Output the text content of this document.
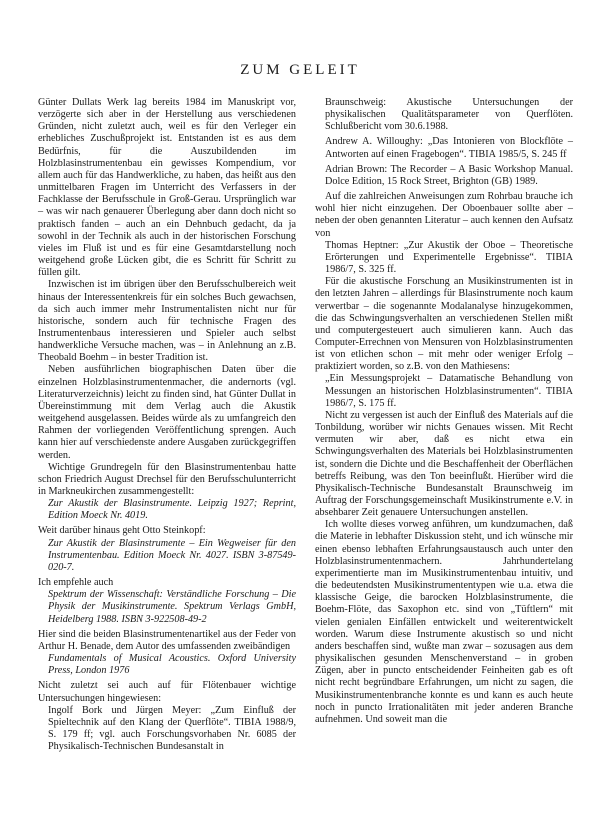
ZUM GELEIT

Günter Dullats Werk lag bereits 1984 im Manuskript vor, verzögerte sich aber in der Herstellung aus verschiedenen Gründen, nicht zuletzt auch, weil es für den Verleger ein erhebliches Zuschußprojekt ist. Entstanden ist es aus dem Bedürfnis, für die Auszubildenden im Holzblasinstrumentenbau ein gewisses Kompendium, vor allem auch für das Handwerkliche, zu haben, das heißt aus den unmittelbaren Fragen im Unterricht des Verfassers in der Fachklasse der Berufsschule in Groß-Gerau. Ursprünglich war – was wir nach genauerer Überlegung aber dann doch nicht so praktisch fanden – auch an ein Dehnbuch gedacht, da ja sowohl in der Technik als auch in der historischen Forschung vieles im Fluß ist und es für eine Gesamtdarstellung noch weitgehend große Lücken gibt, die es Schritt für Schritt zu füllen gilt.

Inzwischen ist im übrigen über den Berufsschulbereich weit hinaus der Interessentenkreis für ein solches Buch gewachsen, da sich auch immer mehr Instrumentalisten nicht nur für historische, sondern auch für technische Fragen des Instrumentenbaus interessieren und Spieler auch selbst handwerkliche Versuche machen, was – in Anlehnung an z.B. Theobald Boehm – in bester Tradition ist.

Neben ausführlichen biographischen Daten über die einzelnen Holzblasinstrumentenmacher, die andernorts (vgl. Literaturverzeichnis) leicht zu finden sind, hat Günter Dullat in Übereinstimmung mit dem Verlag auch die Akustik weitgehend ausgelassen. Beides würde als zu umfangreich den Rahmen der vorliegenden Veröffentlichung sprengen. Auch kann hier auf verschiedenste andere Ausgaben zurückgegriffen werden.

Wichtige Grundregeln für den Blasinstrumentenbau hatte schon Friedrich August Drechsel für den Berufsschulunterricht in Markneukirchen zusammengestellt:

Zur Akustik der Blasinstrumente. Leipzig 1927; Reprint, Edition Moeck Nr. 4019.

Weit darüber hinaus geht Otto Steinkopf:

Zur Akustik der Blasinstrumente – Ein Wegweiser für den Instrumentenbau. Edition Moeck Nr. 4027. ISBN 3-87549-020-7.

Ich empfehle auch

Spektrum der Wissenschaft: Verständliche Forschung – Die Physik der Musikinstrumente. Spektrum Verlags GmbH, Heidelberg 1988. ISBN 3-922508-49-2

Hier sind die beiden Blasinstrumentenartikel aus der Feder von Arthur H. Benade, dem Autor des umfassenden zweibändigen

Fundamentals of Musical Acoustics. Oxford University Press, London 1976

Nicht zuletzt sei auch auf für Flötenbauer wichtige Untersuchungen hingewiesen:

Ingolf Bork und Jürgen Meyer: „Zum Einfluß der Spieltechnik auf den Klang der Querflöte“. TIBIA 1988/9, S. 179 ff; vgl. auch Forschungsvorhaben Nr. 6085 der Physikalisch-Technischen Bundesanstalt in

Braunschweig: Akustische Untersuchungen der physikalischen Qualitätsparameter von Querflöten. Schlußbericht vom 30.6.1988.

Andrew A. Willoughy: „Das Intonieren von Blockflöte – Antworten auf einen Fragebogen“. TIBIA 1985/5, S. 245 ff

Adrian Brown: The Recorder – A Basic Workshop Manual. Dolce Edition, 15 Rock Street, Brighton (GB) 1989.

Auf die zahlreichen Anweisungen zum Rohrbau brauche ich wohl hier nicht einzugehen. Der Oboenbauer sollte aber – neben der oben genannten Literatur – auch kennen den Aufsatz von

Thomas Heptner: „Zur Akustik der Oboe – Theoretische Erörterungen und Experimentelle Ergebnisse“. TIBIA 1986/7, S. 325 ff.

Für die akustische Forschung an Musikinstrumenten ist in den letzten Jahren – allerdings für Blasinstrumente noch kaum verwertbar – die sogenannte Modalanalyse hinzugekommen, die das Schwingungsverhalten an verschiedenen Stellen mißt und computergesteuert auch simulieren kann. Auch das Computer-Errechnen von Mensuren von Holzblasinstrumenten ist von etlichen schon – mit mehr oder weniger Erfolg – praktiziert worden, so z.B. von den Mathiesens:

„Ein Messungsprojekt – Datamatische Behandlung von Messungen an historischen Holzblasinstrumenten“. TIBIA 1986/7, S. 175 ff.

Nicht zu vergessen ist auch der Einfluß des Materials auf die Tonbildung, worüber wir nichts Genaues wissen. Mit Recht vermuten wir aber, daß es nicht etwa ein Schwingungsverhalten des Materials bei Holzblasinstrumenten ist, sondern die Dichte und die Beschaffenheit der Oberflächen betreffs Reibung, was den Ton beeinflußt. Hierüber wird die Physikalisch-Technische Bundesanstalt Braunschweig im Auftrag der Forschungsgemeinschaft Musikinstrumente e.V. in absehbarer Zeit genauere Untersuchungen anstellen.

Ich wollte dieses vorweg anführen, um kundzumachen, daß die Materie in lebhafter Diskussion steht, und ich wünsche mir einen ebenso lebhaften Erfahrungsaustausch auch unter den Holzblasinstrumentenmachern. Jahrhundertelang experimentierte man im Musikinstrumentenbau intuitiv, und die bedeutendsten Musikinstrumententypen wie u.a. etwa die klassische Geige, die barocken Holzblasinstrumente, die Boehm-Flöte, das Saxophon etc. sind von „Tüftlern“ mit vielen genialen Einfällen entwickelt und weiterentwickelt worden. Warum diese Instrumente akustisch so und nicht anders beschaffen sind, wußte man zwar – sozusagen aus dem physikalischen gesunden Menschenverstand – in groben Zügen, aber in puncto entscheidender Feinheiten gab es oft nicht recht begründbare Erfahrungen, um nicht zu sagen, die Musikinstrumentenbranche konnte es und kann es auch heute noch in puncto Irrationalitäten mit jeder anderen Branche aufnehmen. Und soweit man die
